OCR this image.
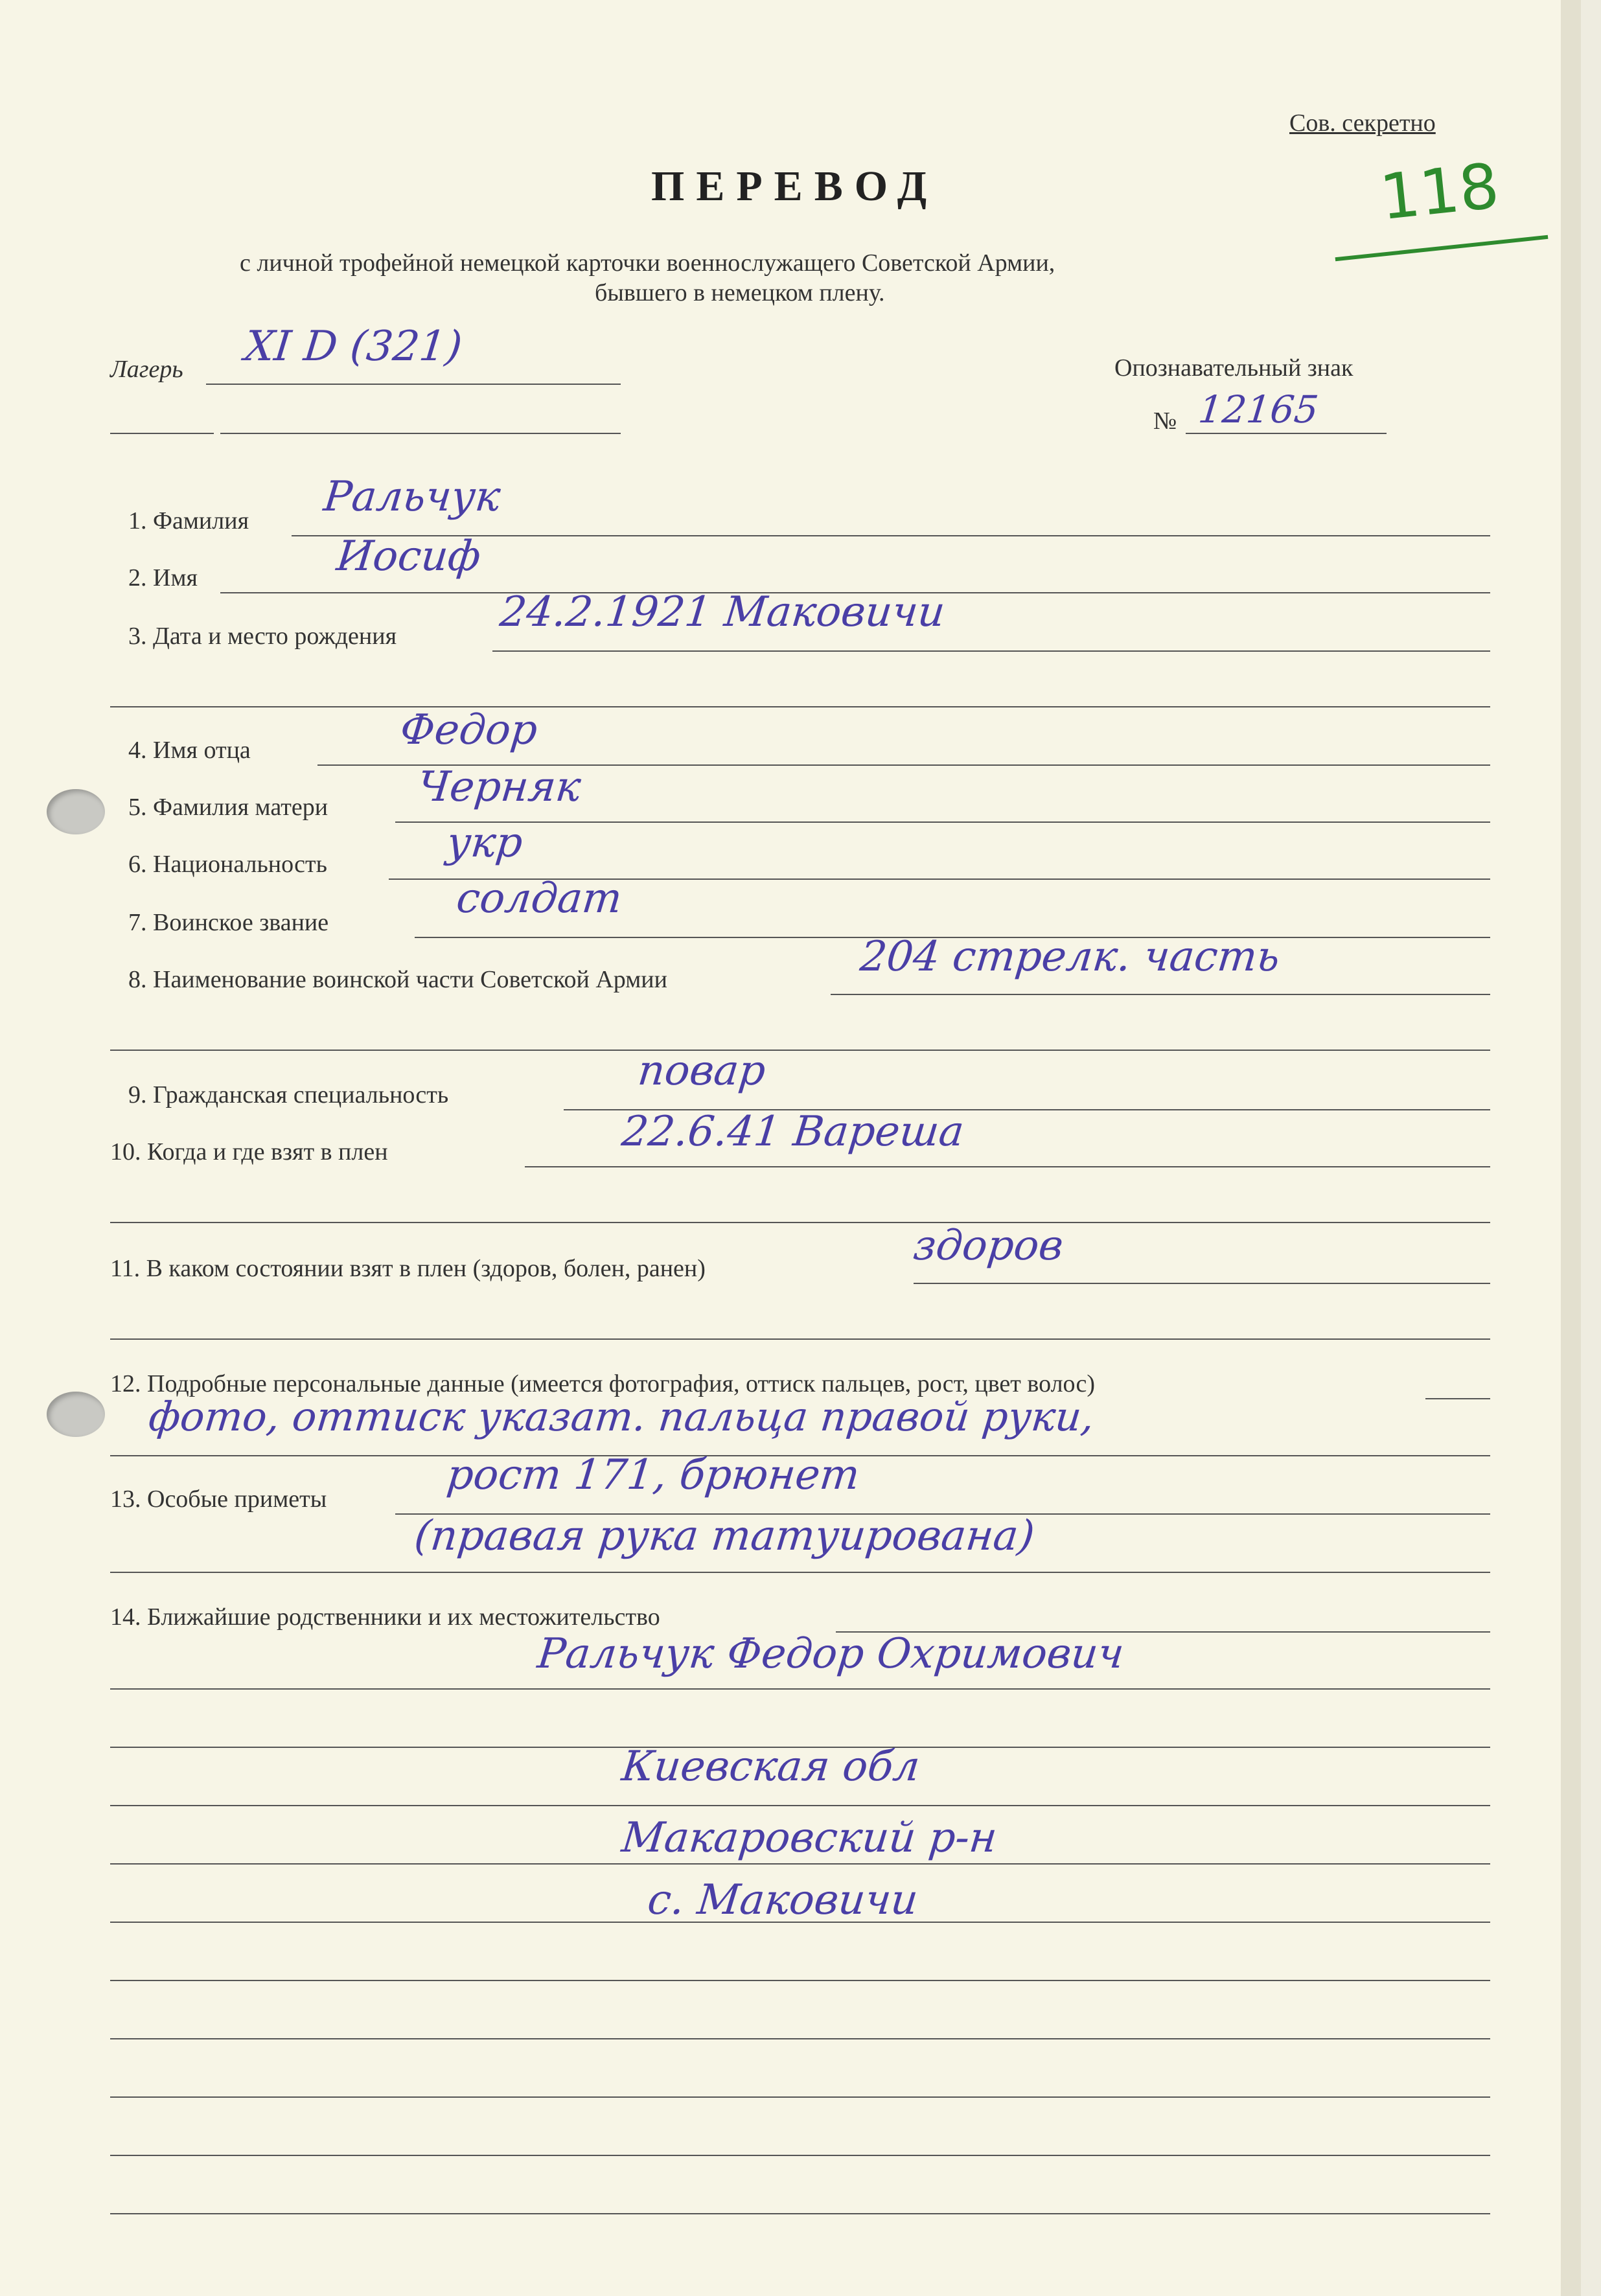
Сов. секретно
118
ПЕРЕВОД
с личной трофейной немецкой карточки военнослужащего Советской Армии,
бывшего в немецком плену.
Лагерь XI D (321)	Опознавательный знак
№ 12165
1. Фамилия Ральчук
2. Имя	Иосиф
3. Дата и место рождения 24.2.1921 Маковичи
4. Имя отца	Федор
5. Фамилия матери Черняк
6. Национальность	укр
7. Воинское звание	солдат
8. Наименование воинской части Советской Армии	204 стрелк. часть
9. Гражданская специальность	повар
10. Когда и где взят в плен	22.6.41 Вареша
11. В каком состоянии взят в плен (здоров, болен, ранен)	здоров
12. Подробные персональные данные (имеется фотография, оттиск пальцев, рост, цвет волос)
фото, оттиск указат. пальца правой руки,
13. Особые приметы	рост 171, брюнет
(правая рука татуирована)
14. Ближайшие родственники и их местожительство
Ральчук Федор Охримович
Киевская обл
Макаровский р-н
с. Маковичи
